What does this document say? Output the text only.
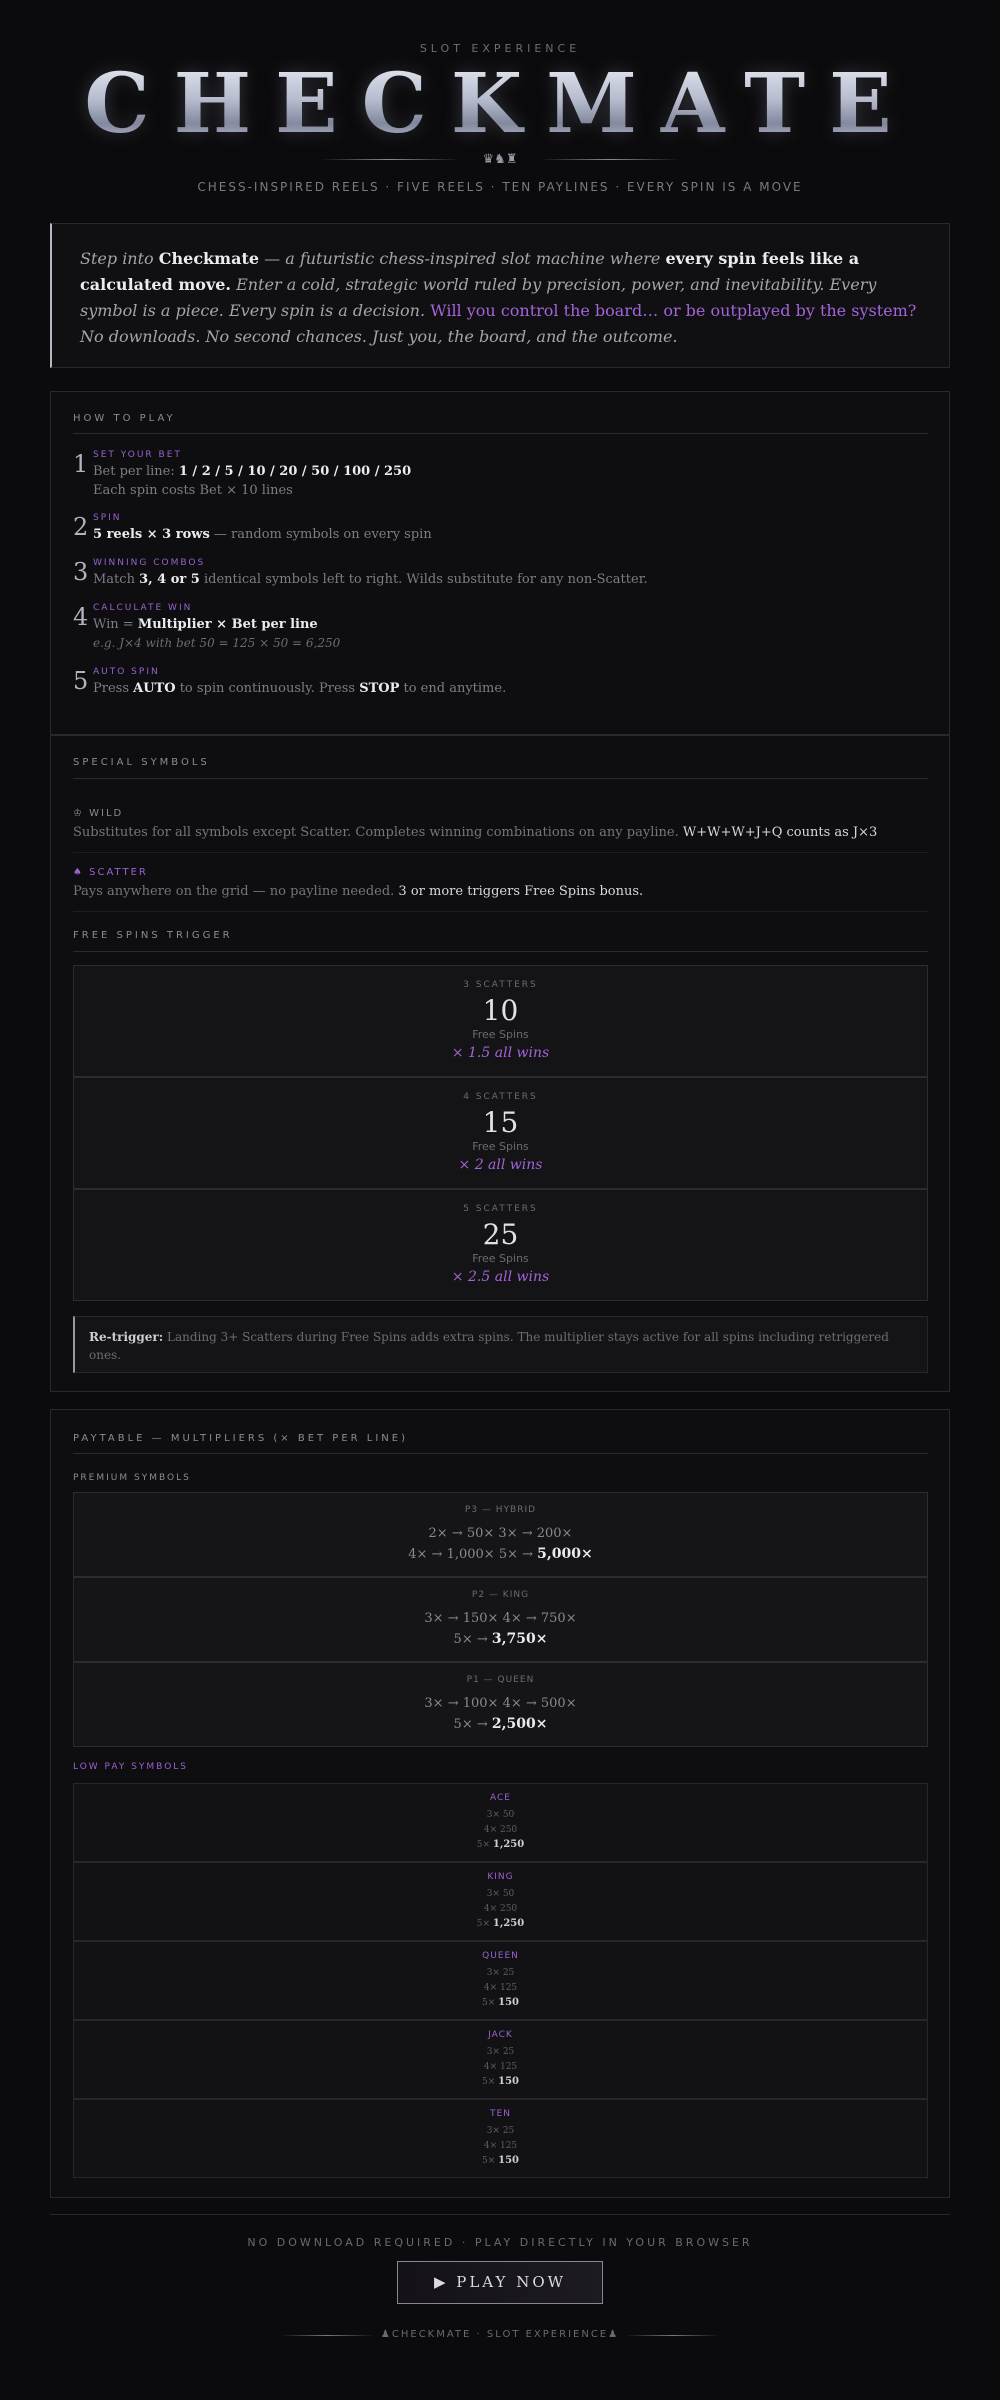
SLOT EXPERIENCE
CHECKMATE
♛♞♜
CHESS-INSPIRED REELS · FIVE REELS · TEN PAYLINES · EVERY SPIN IS A MOVE
Step into Checkmate — a futuristic chess-inspired slot machine where every spin feels like a calculated move. Enter a cold, strategic world ruled by precision, power, and inevitability. Every symbol is a piece. Every spin is a decision. Will you control the board… or be outplayed by the system? No downloads. No second chances. Just you, the board, and the outcome.
HOW TO PLAY
1 SET YOUR BET
Bet per line: 1 / 2 / 5 / 10 / 20 / 50 / 100 / 250
Each spin costs Bet × 10 lines
2 SPIN
5 reels × 3 rows — random symbols on every spin
3 WINNING COMBOS
Match 3, 4 or 5 identical symbols left to right. Wilds substitute for any non-Scatter.
4 CALCULATE WIN
Win = Multiplier × Bet per line
e.g. J×4 with bet 50 = 125 × 50 = 6,250
5 AUTO SPIN
Press AUTO to spin continuously. Press STOP to end anytime.
SPECIAL SYMBOLS
♔ WILD
Substitutes for all symbols except Scatter. Completes winning combinations on any payline. W+W+W+J+Q counts as J×3
♠ SCATTER
Pays anywhere on the grid — no payline needed. 3 or more triggers Free Spins bonus.
FREE SPINS TRIGGER
3 SCATTERS
10
Free Spins
× 1.5 all wins
4 SCATTERS
15
Free Spins
× 2 all wins
5 SCATTERS
25
Free Spins
× 2.5 all wins
Re-trigger: Landing 3+ Scatters during Free Spins adds extra spins. The multiplier stays active for all spins including retriggered ones.
PAYTABLE — MULTIPLIERS (× BET PER LINE)
PREMIUM SYMBOLS
P3 — HYBRID
2× → 50× 3× → 200×
4× → 1,000× 5× → 5,000×
P2 — KING
3× → 150× 4× → 750×
5× → 3,750×
P1 — QUEEN
3× → 100× 4× → 500×
5× → 2,500×
LOW PAY SYMBOLS
ACE
3× 50
4× 250
5× 1,250
KING
3× 50
4× 250
5× 1,250
QUEEN
3× 25
4× 125
5× 150
JACK
3× 25
4× 125
5× 150
TEN
3× 25
4× 125
5× 150
NO DOWNLOAD REQUIRED · PLAY DIRECTLY IN YOUR BROWSER
▶ PLAY NOW
♟CHECKMATE · SLOT EXPERIENCE♟
